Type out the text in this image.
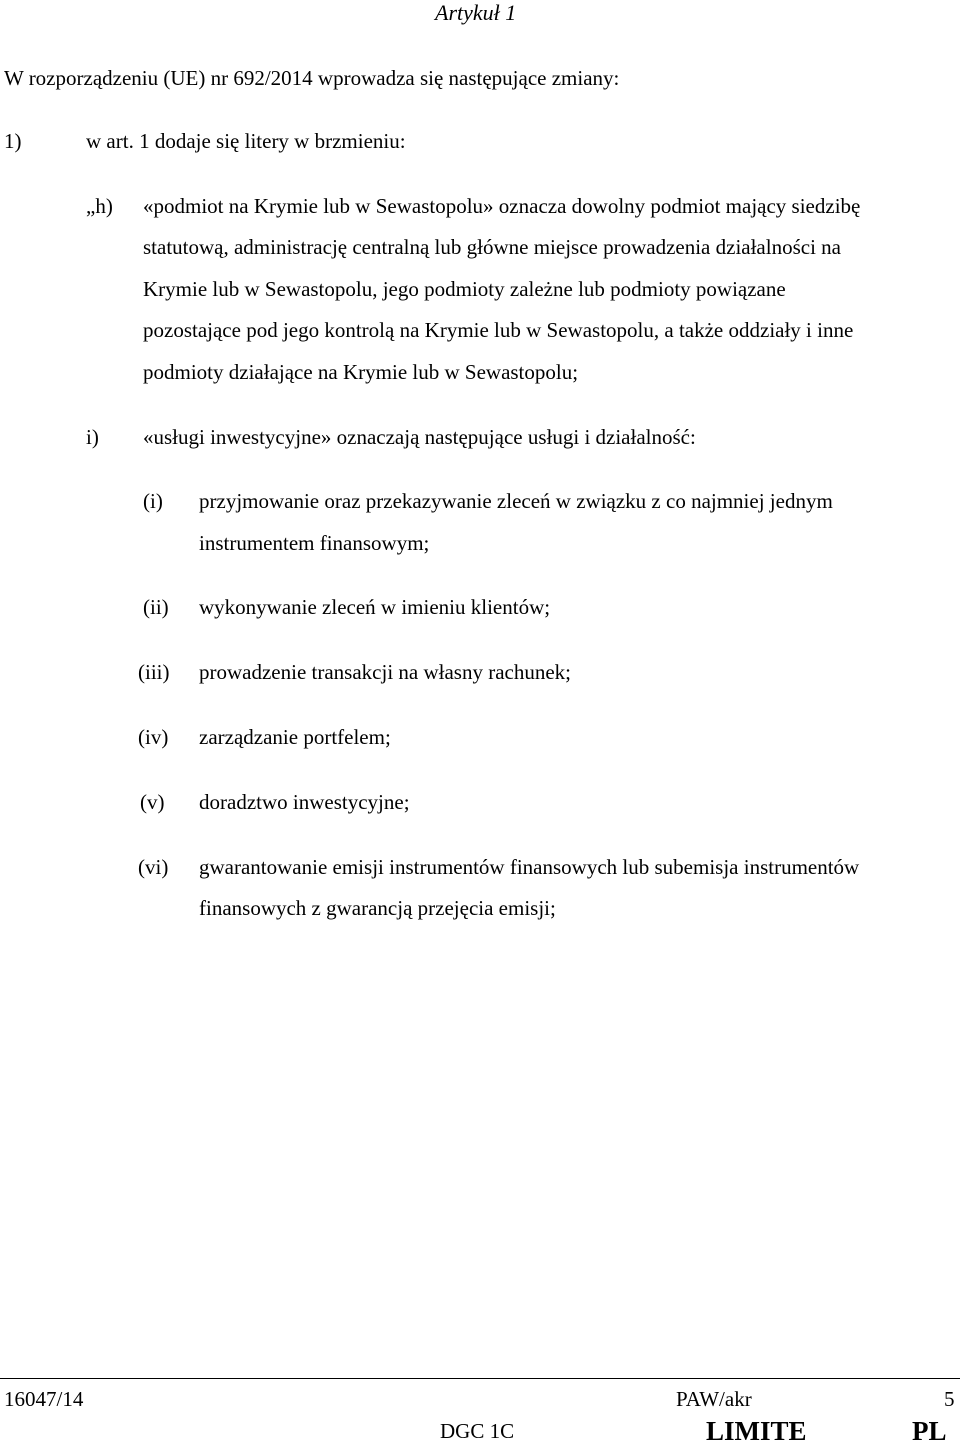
Artykuł 1
W rozporządzeniu (UE) nr 692/2014 wprowadza się następujące zmiany:
1)	w art. 1 dodaje się litery w brzmieniu:
„h) «podmiot na Krymie lub w Sewastopolu» oznacza dowolny podmiot mający siedzibę
statutową, administrację centralną lub główne miejsce prowadzenia działalności na
Krymie lub w Sewastopolu, jego podmioty zależne lub podmioty powiązane
pozostające pod jego kontrolą na Krymie lub w Sewastopolu, a także oddziały i inne
podmioty działające na Krymie lub w Sewastopolu;
i) «usługi inwestycyjne» oznaczają następujące usługi i działalność:
(i) przyjmowanie oraz przekazywanie zleceń w związku z co najmniej jednym
instrumentem finansowym;
(ii) wykonywanie zleceń w imieniu klientów;
(iii) prowadzenie transakcji na własny rachunek;
(iv) zarządzanie portfelem;
(v) doradztwo inwestycyjne;
(vi) gwarantowanie emisji instrumentów finansowych lub subemisja instrumentów
finansowych z gwarancją przejęcia emisji;
16047/14	PAW/akr	5
DGC 1C	LIMITE	PL
